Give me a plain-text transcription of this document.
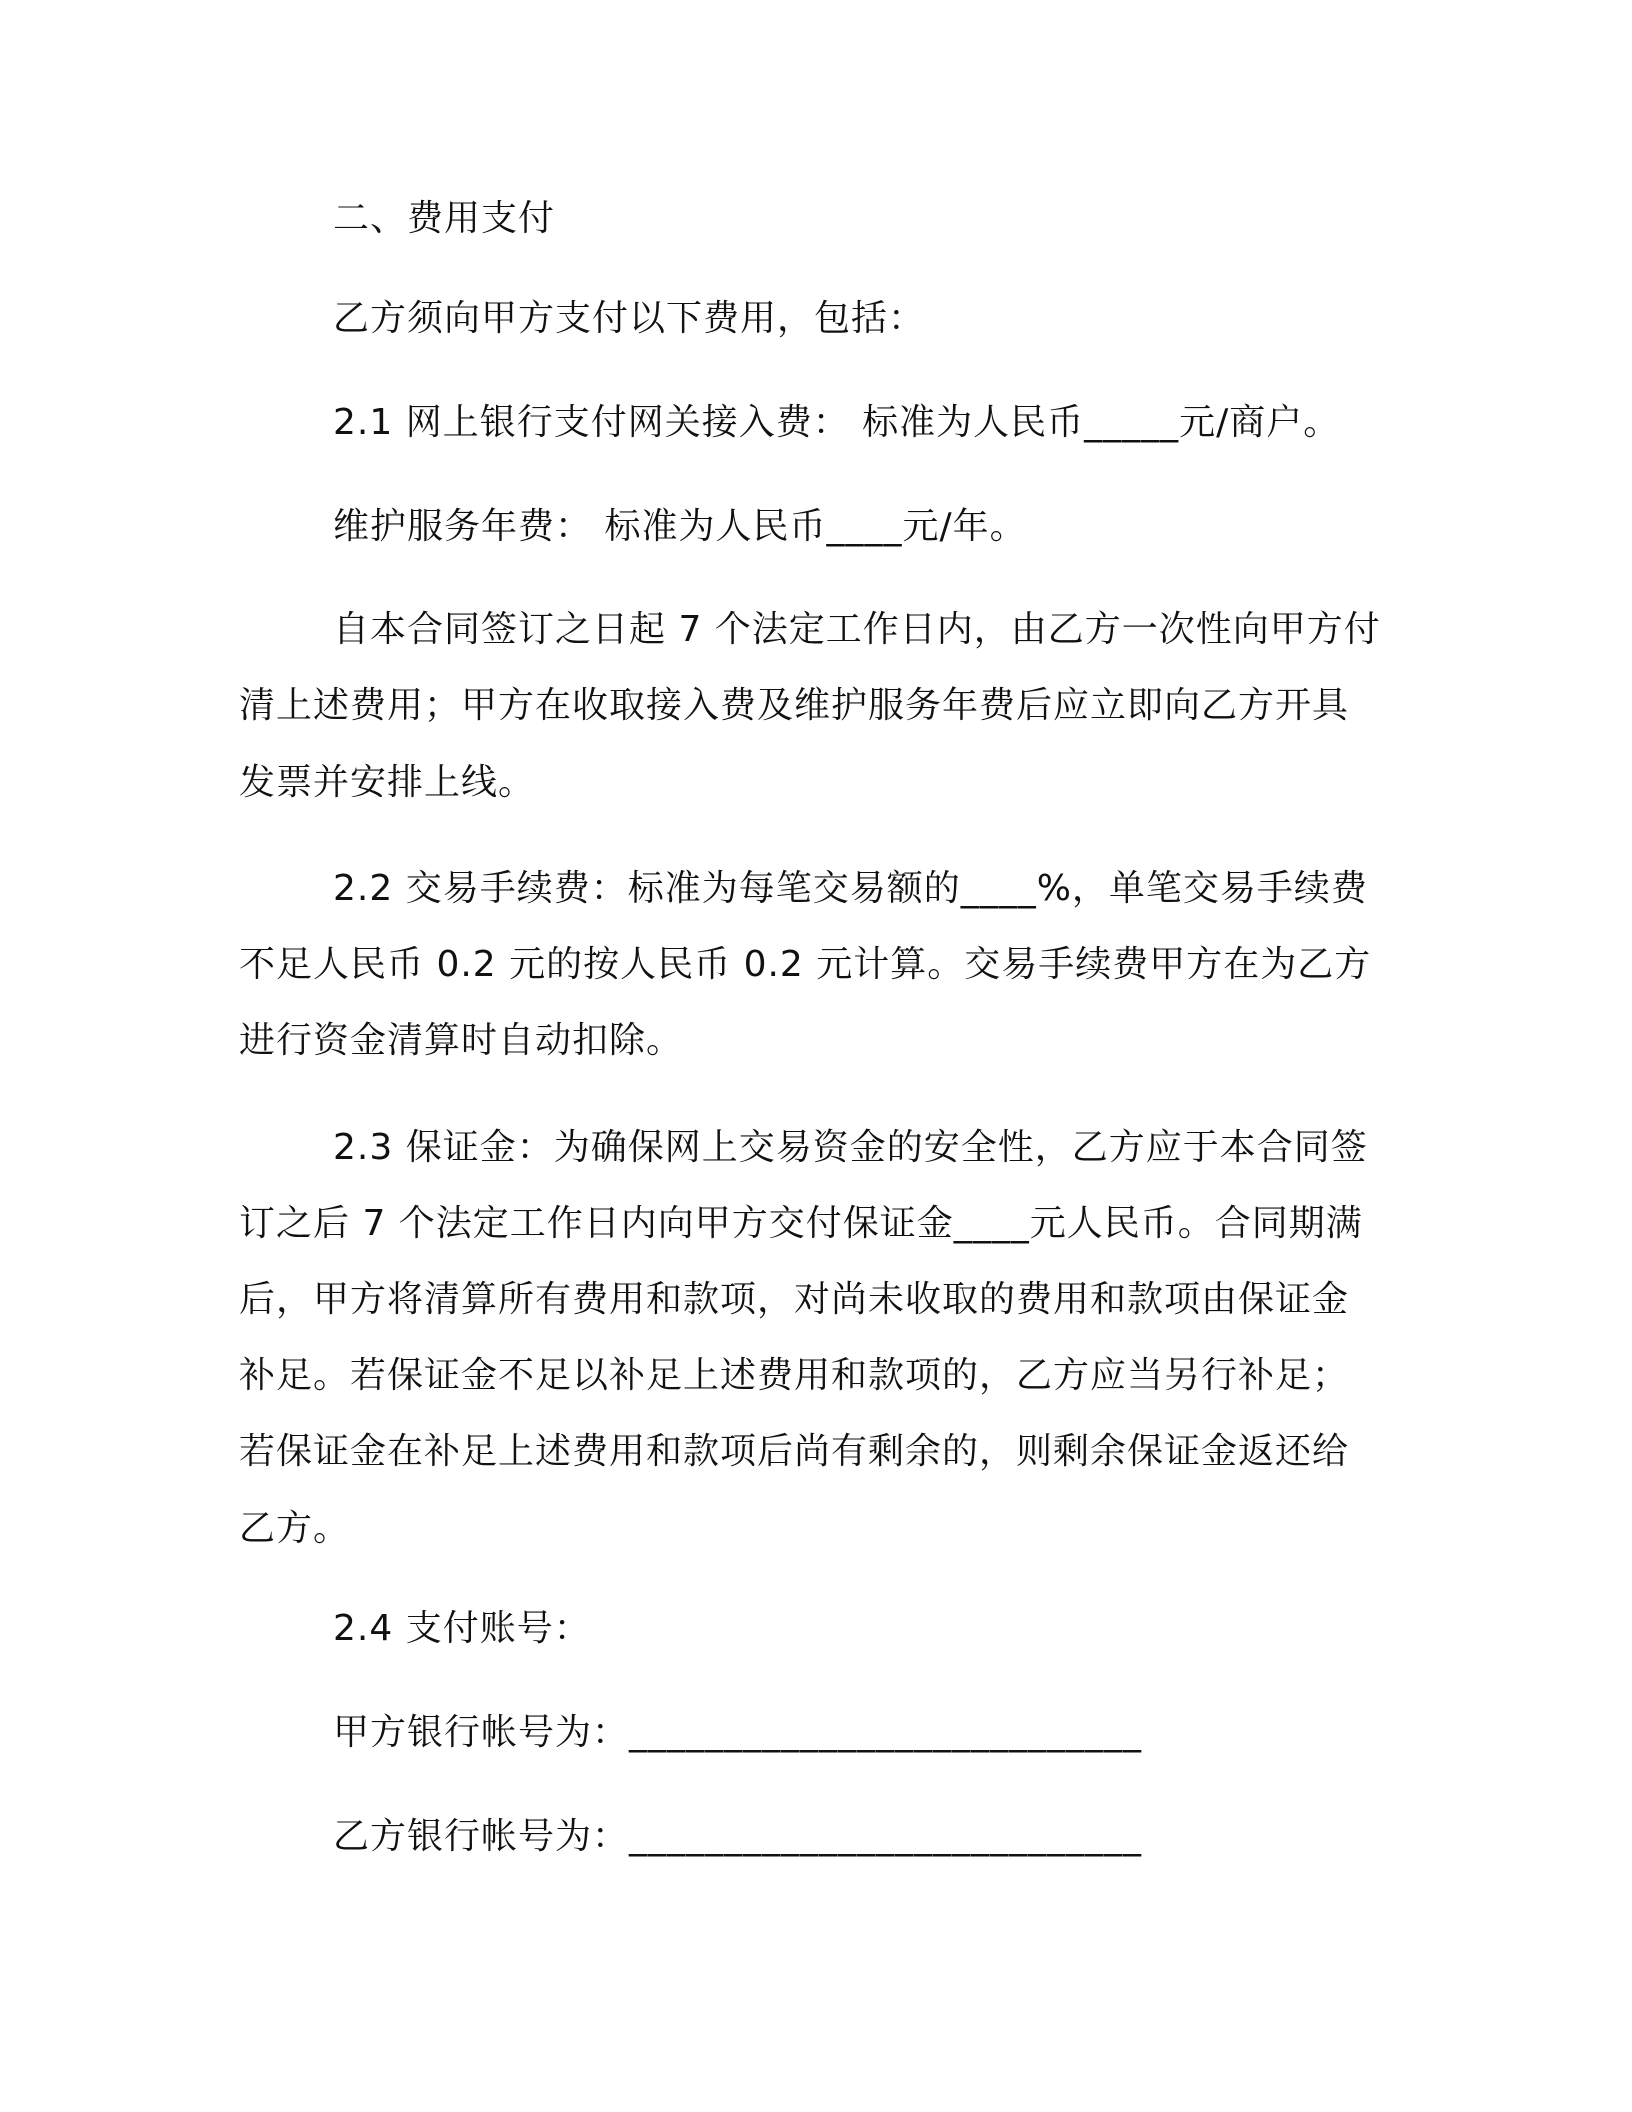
二、费用支付
乙方须向甲方支付以下费用，包括：
2.1 网上银行支付网关接入费： 标准为人民币_____元/商户。
维护服务年费： 标准为人民币____元/年。
自本合同签订之日起 7 个法定工作日内，由乙方一次性向甲方付
清上述费用；甲方在收取接入费及维护服务年费后应立即向乙方开具
发票并安排上线。
2.2 交易手续费：标准为每笔交易额的____%，单笔交易手续费
不足人民币 0.2 元的按人民币 0.2 元计算。交易手续费甲方在为乙方
进行资金清算时自动扣除。
2.3 保证金：为确保网上交易资金的安全性，乙方应于本合同签
订之后 7 个法定工作日内向甲方交付保证金____元人民币。合同期满
后，甲方将清算所有费用和款项，对尚未收取的费用和款项由保证金
补足。若保证金不足以补足上述费用和款项的，乙方应当另行补足；
若保证金在补足上述费用和款项后尚有剩余的，则剩余保证金返还给
乙方。
2.4 支付账号：
甲方银行帐号为：___________________________
乙方银行帐号为：___________________________
